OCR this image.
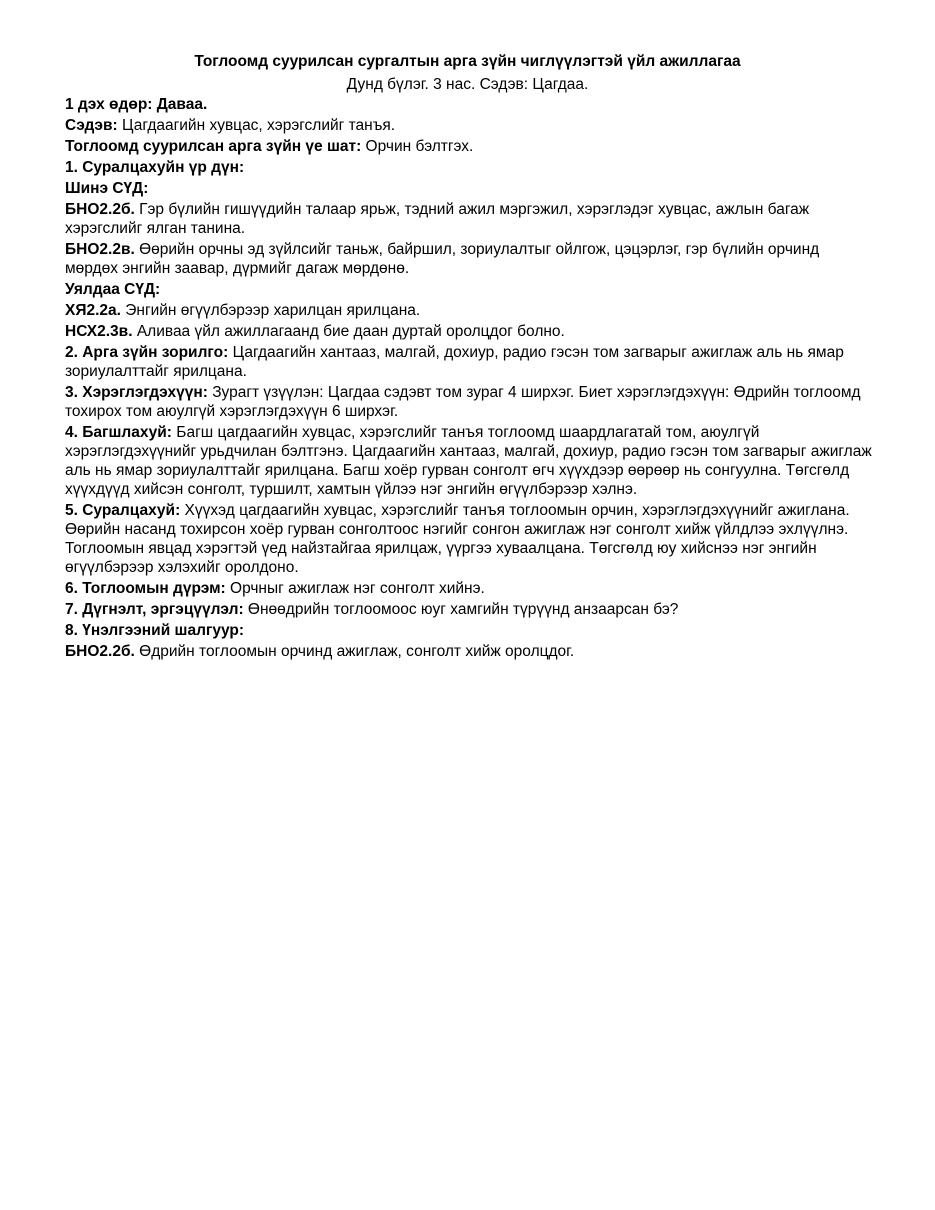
Тоглоомд суурилсан сургалтын арга зүйн чиглүүлэгтэй үйл ажиллагаа
Дунд бүлэг. 3 нас. Сэдэв: Цагдаа.

1 дэх өдөр: Даваа.

Сэдэв: Цагдаагийн хувцас, хэрэгслийг танъя.

Тоглоомд суурилсан арга зүйн үе шат: Орчин бэлтгэх.

1. Суралцахуйн үр дүн:

Шинэ СҮД:

БНО2.2б. Гэр бүлийн гишүүдийн талаар ярьж, тэдний ажил мэргэжил, хэрэглэдэг хувцас, ажлын багаж хэрэгслийг ялган танина.

БНО2.2в. Өөрийн орчны эд зүйлсийг таньж, байршил, зориулалтыг ойлгож, цэцэрлэг, гэр бүлийн орчинд мөрдөх энгийн заавар, дүрмийг дагаж мөрдөнө.

Уялдаа СҮД:

ХЯ2.2а. Энгийн өгүүлбэрээр харилцан ярилцана.

НСХ2.3в. Аливаа үйл ажиллагаанд бие даан дуртай оролцдог болно.

2. Арга зүйн зорилго: Цагдаагийн хантааз, малгай, дохиур, радио гэсэн том загварыг ажиглаж аль нь ямар зориулалттайг ярилцана.

3. Хэрэглэгдэхүүн: Зурагт үзүүлэн: Цагдаа сэдэвт том зураг 4 ширхэг. Биет хэрэглэгдэхүүн: Өдрийн тоглоомд тохирох том аюулгүй хэрэглэгдэхүүн 6 ширхэг.

4. Багшлахуй: Багш цагдаагийн хувцас, хэрэгслийг танъя тоглоомд шаардлагатай том, аюулгүй хэрэглэгдэхүүнийг урьдчилан бэлтгэнэ. Цагдаагийн хантааз, малгай, дохиур, радио гэсэн том загварыг ажиглаж аль нь ямар зориулалттайг ярилцана. Багш хоёр гурван сонголт өгч хүүхдээр өөрөөр нь сонгуулна. Төгсгөлд хүүхдүүд хийсэн сонголт, туршилт, хамтын үйлээ нэг энгийн өгүүлбэрээр хэлнэ.

5. Суралцахуй: Хүүхэд цагдаагийн хувцас, хэрэгслийг танъя тоглоомын орчин, хэрэглэгдэхүүнийг ажиглана. Өөрийн насанд тохирсон хоёр гурван сонголтоос нэгийг сонгон ажиглаж нэг сонголт хийж үйлдлээ эхлүүлнэ. Тоглоомын явцад хэрэгтэй үед найзтайгаа ярилцаж, үүргээ хуваалцана. Төгсгөлд юу хийснээ нэг энгийн өгүүлбэрээр хэлэхийг оролдоно.

6. Тоглоомын дүрэм: Орчныг ажиглаж нэг сонголт хийнэ.

7. Дүгнэлт, эргэцүүлэл: Өнөөдрийн тоглоомоос юуг хамгийн түрүүнд анзаарсан бэ?

8. Үнэлгээний шалгуур:

БНО2.2б. Өдрийн тоглоомын орчинд ажиглаж, сонголт хийж оролцдог.
